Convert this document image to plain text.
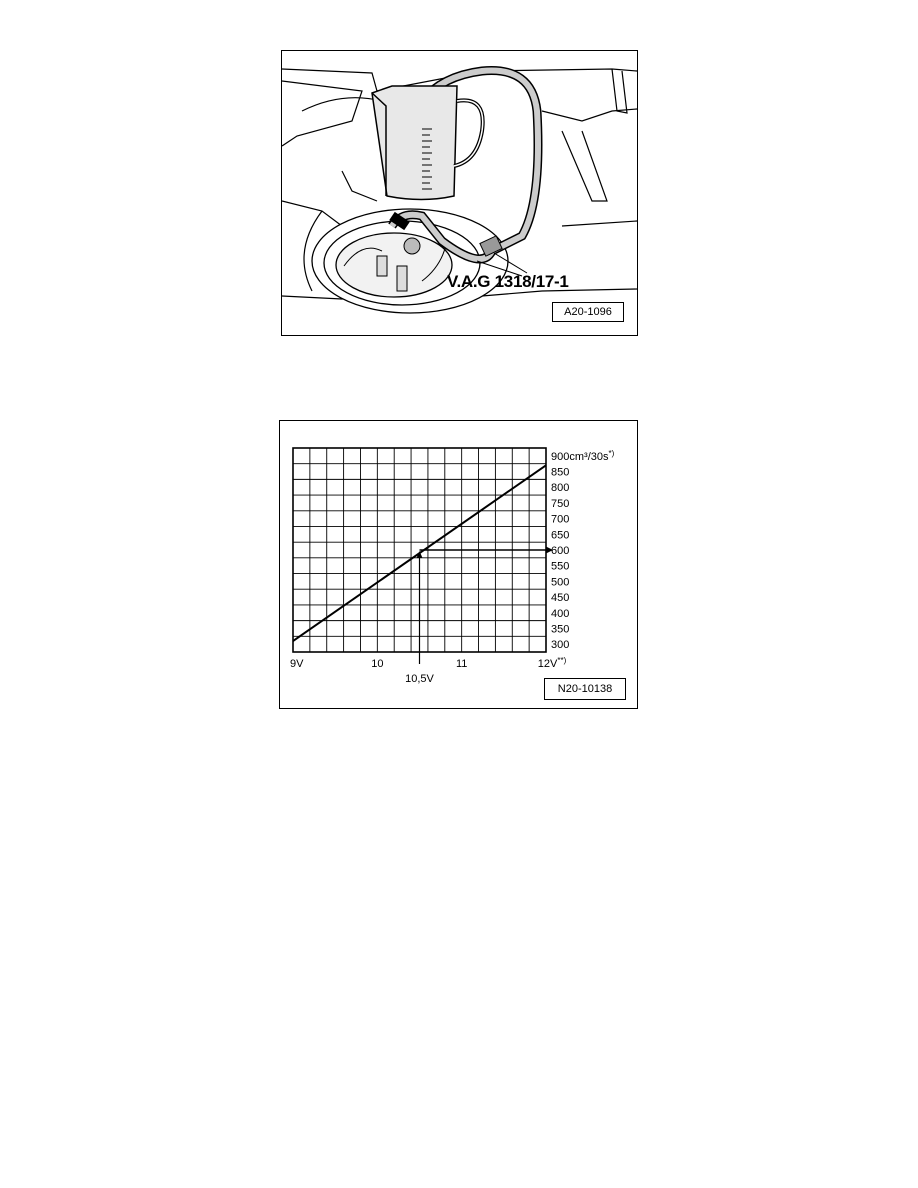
V.A.G 1318/17-1
A20-1096
10,5V
900cm³/30s*)
850
800
750
700
650
600
550
500
450
400
350
300
9V	10	11	12V**)
N20-10138
